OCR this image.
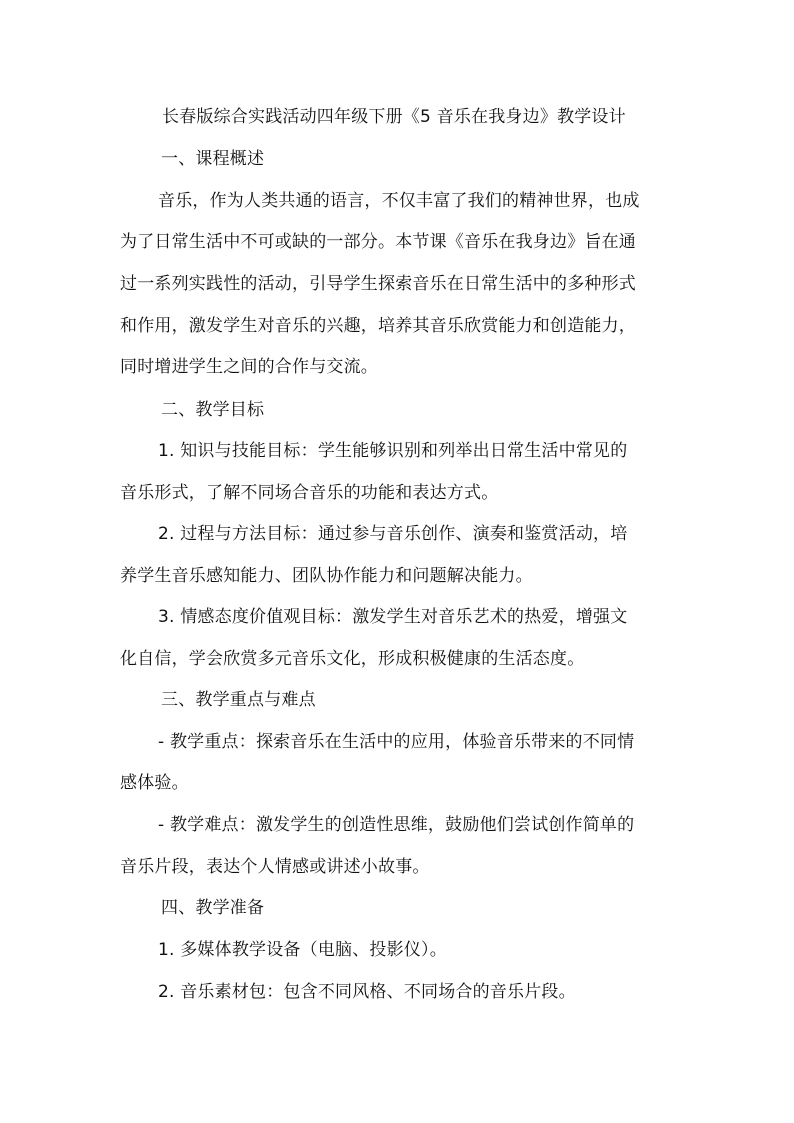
长春版综合实践活动四年级下册《5 音乐在我身边》教学设计
一、课程概述
音乐，作为人类共通的语言，不仅丰富了我们的精神世界，也成
为了日常生活中不可或缺的一部分。本节课《音乐在我身边》旨在通
过一系列实践性的活动，引导学生探索音乐在日常生活中的多种形式
和作用，激发学生对音乐的兴趣，培养其音乐欣赏能力和创造能力，
同时增进学生之间的合作与交流。
二、教学目标
1. 知识与技能目标：学生能够识别和列举出日常生活中常见的
音乐形式，了解不同场合音乐的功能和表达方式。
2. 过程与方法目标：通过参与音乐创作、演奏和鉴赏活动，培
养学生音乐感知能力、团队协作能力和问题解决能力。
3. 情感态度价值观目标：激发学生对音乐艺术的热爱，增强文
化自信，学会欣赏多元音乐文化，形成积极健康的生活态度。
三、教学重点与难点
- 教学重点：探索音乐在生活中的应用，体验音乐带来的不同情
感体验。
- 教学难点：激发学生的创造性思维，鼓励他们尝试创作简单的
音乐片段，表达个人情感或讲述小故事。
四、教学准备
1. 多媒体教学设备（电脑、投影仪）。
2. 音乐素材包：包含不同风格、不同场合的音乐片段。
